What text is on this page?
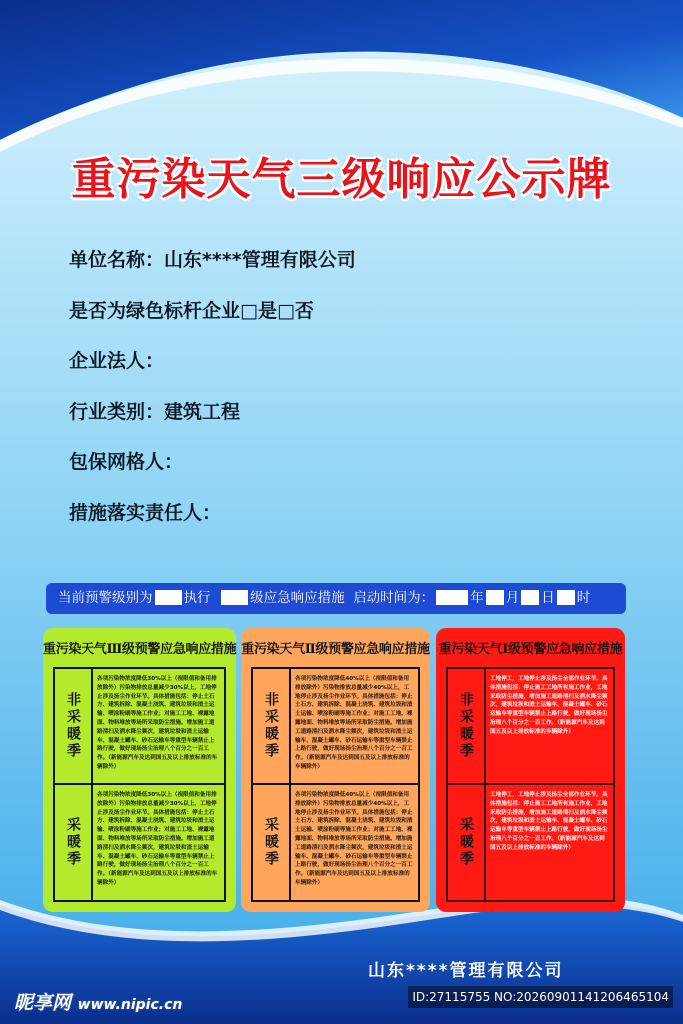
重污染天气三级响应公示牌
单位名称：山东****管理有限公司
是否为绿色标杆企业□是□否
企业法人：
行业类别：建筑工程
包保网格人：
措施落实责任人：
当前预警级别为 执行	级应急响应措施 启动时间为：	年 月 日 时
重污染天气Ⅲ级预警应急响应措施
非采暖季
各项污染物浓度降低30%以上（视限值和备用排放除外）污染物排放总量减少30%以上，工地停止涉及扬尘作业环节。具体措施包括：停止土石方、建筑拆除、混凝土浇筑、建筑垃圾和渣土运输、喷涂粉刷等施工作业；对施工工地、裸露地面、物料堆放等场所采取防尘措施。增加施工道路清扫及洒水降尘频次，建筑垃圾和渣土运输车、混凝土罐车、砂石运输车等重型车辆禁止上路行驶，做好现场扬尘治理八个百分之一百工作。（新能源汽车及达到国五及以上排放标准的车辆除外）
采暖季
各项污染物浓度降低30%以上（视限值和备用排放除外）污染物排放总量减少30%以上，工地停止涉及扬尘作业环节。具体措施包括：停止土石方、建筑拆除、混凝土浇筑、建筑垃圾和渣土运输、喷涂粉刷等施工作业；对施工工地、裸露地面、物料堆放等场所采取防尘措施。增加施工道路清扫及洒水降尘频次，建筑垃圾和渣土运输车、混凝土罐车、砂石运输车等重型车辆禁止上路行驶，做好现场扬尘治理八个百分之一百工作。（新能源汽车及达到国五及以上排放标准的车辆除外）
重污染天气Ⅱ级预警应急响应措施
非采暖季
各项污染物浓度降低40%以上（视限值和备用排放除外）污染物排放总量减少40%以上，工地停止涉及扬尘作业环节。具体措施包括：停止土石方、建筑拆除、混凝土浇筑、建筑垃圾和渣土运输、喷涂粉刷等施工作业；对施工工地、裸露地面、物料堆放等场所采取防尘措施。增加施工道路清扫及洒水降尘频次，建筑垃圾和渣土运输车、混凝土罐车、砂石运输车等重型车辆禁止上路行驶，做好现场扬尘治理八个百分之一百工作。（新能源汽车及达到国五及以上排放标准的车辆除外）
采暖季
各项污染物浓度降低40%以上（视限值和备用排放除外）污染物排放总量减少40%以上，工地停止涉及扬尘作业环节。具体措施包括：停止土石方、建筑拆除、混凝土浇筑、建筑垃圾和渣土运输、喷涂粉刷等施工作业；对施工工地、裸露地面、物料堆放等场所采取防尘措施。增加施工道路清扫及洒水降尘频次，建筑垃圾和渣土运输车、混凝土罐车、砂石运输车等重型车辆禁止上路行驶，做好现场扬尘治理八个百分之一百工作。（新能源汽车及达到国五及以上排放标准的车辆除外）
重污染天气Ⅰ级预警应急响应措施
非采暖季
工地停工，工地停止涉及扬尘全部作业环节。具体措施包括：停止施工工地所有施工作业，工地采取防尘措施，增加施工道路清扫及洒水降尘频次，建筑垃圾和渣土运输车、混凝土罐车、砂石运输车等重型车辆禁止上路行驶，做好现场扬尘治理八个百分之一百工作。（新能源汽车及达到国五及以上排放标准的车辆除外）
采暖季
工地停工，工地停止涉及扬尘全部作业环节。具体措施包括：停止施工工地所有施工作业，工地采取防尘措施，增加施工道路清扫及洒水降尘频次，建筑垃圾和渣土运输车、混凝土罐车、砂石运输车等重型车辆禁止上路行驶，做好现场扬尘治理八个百分之一百工作。（新能源汽车及达到国五及以上排放标准的车辆除外）
山东****管理有限公司
昵享网 www.nipic.cn	ID:27115755 NO:20260901141206465104
